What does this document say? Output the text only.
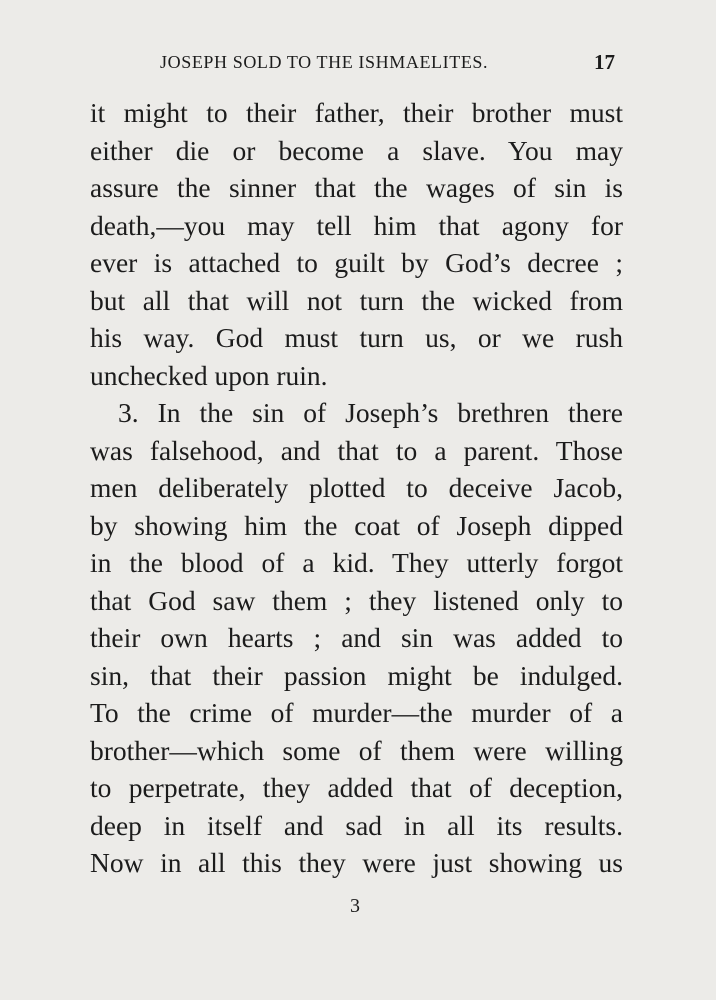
JOSEPH SOLD TO THE ISHMAELITES.	17
it might to their father, their brother must
either die or become a slave. You may
assure the sinner that the wages of sin is
death,—you may tell him that agony for
ever is attached to guilt by God’s decree ;
but all that will not turn the wicked from
his way. God must turn us, or we rush
unchecked upon ruin.
3. In the sin of Joseph’s brethren there
was falsehood, and that to a parent. Those
men deliberately plotted to deceive Jacob,
by showing him the coat of Joseph dipped
in the blood of a kid. They utterly forgot
that God saw them ; they listened only to
their own hearts ; and sin was added to
sin, that their passion might be indulged.
To the crime of murder—the murder of a
brother—which some of them were willing
to perpetrate, they added that of deception,
deep in itself and sad in all its results.
Now in all this they were just showing us
3
